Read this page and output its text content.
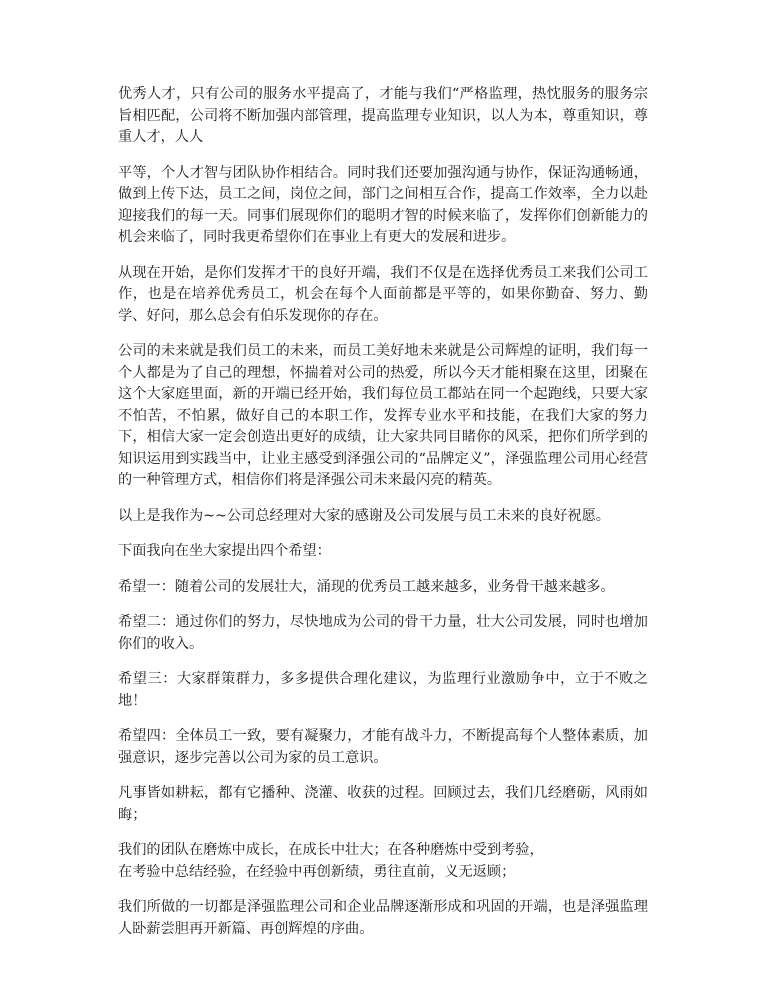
优秀人才，只有公司的服务水平提高了，才能与我们“严格监理，热忱服务的服务宗旨相匹配，公司将不断加强内部管理，提高监理专业知识，以人为本，尊重知识，尊重人才，人人

平等，个人才智与团队协作相结合。同时我们还要加强沟通与协作，保证沟通畅通，做到上传下达，员工之间，岗位之间，部门之间相互合作，提高工作效率，全力以赴迎接我们的每一天。同事们展现你们的聪明才智的时候来临了，发挥你们创新能力的机会来临了，同时我更希望你们在事业上有更大的发展和进步。

从现在开始，是你们发挥才干的良好开端，我们不仅是在选择优秀员工来我们公司工作，也是在培养优秀员工，机会在每个人面前都是平等的，如果你勤奋、努力、勤学、好问，那么总会有伯乐发现你的存在。

公司的未来就是我们员工的未来，而员工美好地未来就是公司辉煌的证明，我们每一个人都是为了自己的理想，怀揣着对公司的热爱，所以今天才能相聚在这里，团聚在这个大家庭里面，新的开端已经开始，我们每位员工都站在同一个起跑线，只要大家不怕苦，不怕累，做好自己的本职工作，发挥专业水平和技能，在我们大家的努力下，相信大家一定会创造出更好的成绩，让大家共同目睹你的风采，把你们所学到的知识运用到实践当中，让业主感受到泽强公司的“品牌定义”，泽强监理公司用心经营的一种管理方式，相信你们将是泽强公司未来最闪亮的精英。

以上是我作为~~公司总经理对大家的感谢及公司发展与员工未来的良好祝愿。

下面我向在坐大家提出四个希望：

希望一：随着公司的发展壮大，涌现的优秀员工越来越多，业务骨干越来越多。

希望二：通过你们的努力，尽快地成为公司的骨干力量，壮大公司发展，同时也增加你们的收入。

希望三：大家群策群力，多多提供合理化建议，为监理行业激励争中，立于不败之地！

希望四：全体员工一致，要有凝聚力，才能有战斗力，不断提高每个人整体素质，加强意识，逐步完善以公司为家的员工意识。

凡事皆如耕耘，都有它播种、浇灌、收获的过程。回顾过去，我们几经磨砺，风雨如晦；

我们的团队在磨炼中成长，在成长中壮大；在各种磨炼中受到考验，
在考验中总结经验，在经验中再创新绩，勇往直前，义无返顾；

我们所做的一切都是泽强监理公司和企业品牌逐渐形成和巩固的开端，也是泽强监理人卧薪尝胆再开新篇、再创辉煌的序曲。
